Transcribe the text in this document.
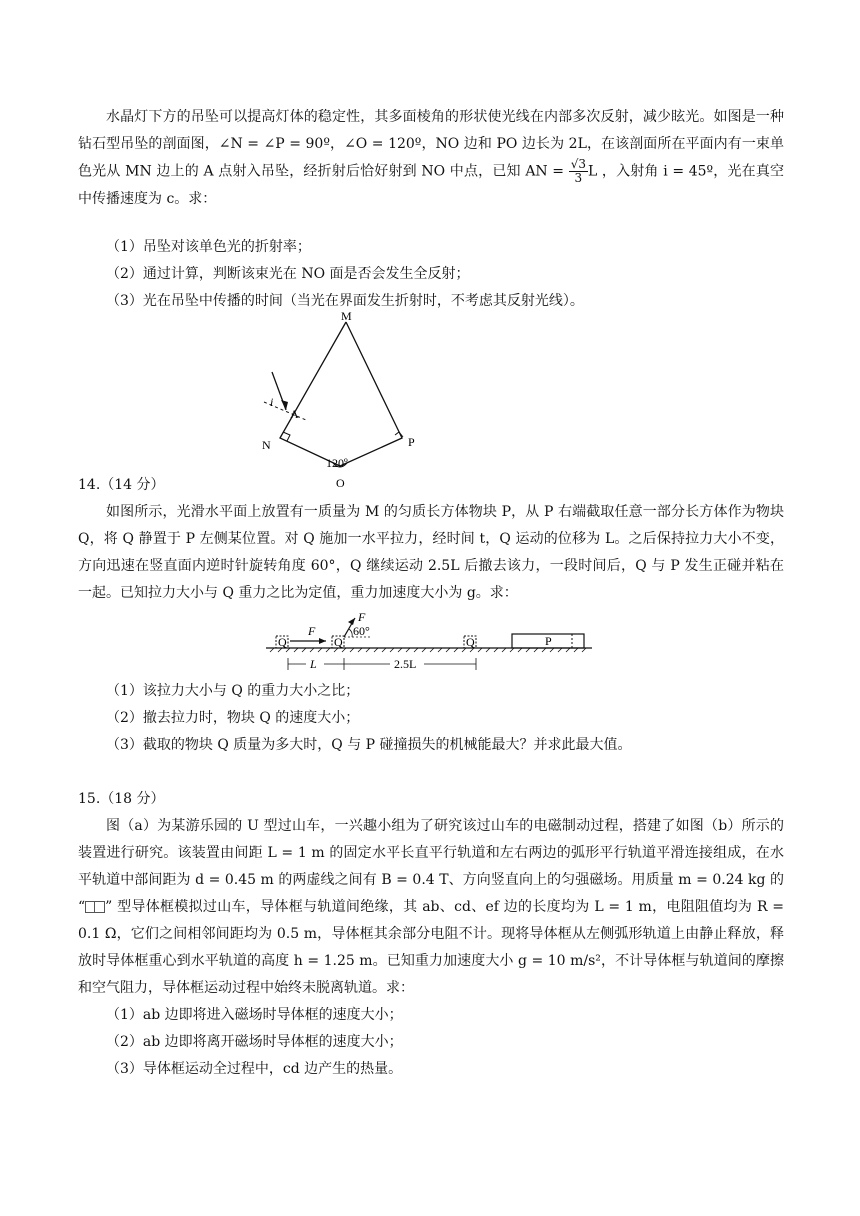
水晶灯下方的吊坠可以提高灯体的稳定性，其多面棱角的形状使光线在内部多次反射，减少眩光。如图是一种钻石型吊坠的剖面图，∠N = ∠P = 90º，∠O = 120º，NO 边和 PO 边长为 2L，在该剖面所在平面内有一束单色光从 MN 边上的 A 点射入吊坠，经折射后恰好射到 NO 中点，已知 AN = $\frac{√3}{3}$ L ，入射角 i = 45º，光在真空中传播速度为 c。求：

（1）吊坠对该单色光的折射率；

（2）通过计算，判断该束光在 NO 面是否会发生全反射；

（3）光在吊坠中传播的时间（当光在界面发生折射时，不考虑其反射光线）。

M
N	P
O
A
i
120º

14.（14 分）

如图所示，光滑水平面上放置有一质量为 M 的匀质长方体物块 P，从 P 右端截取任意一部分长方体作为物块 Q，将 Q 静置于 P 左侧某位置。对 Q 施加一水平拉力，经时间 t，Q 运动的位移为 L。之后保持拉力大小不变，方向迅速在竖直面内逆时针旋转角度 60°，Q 继续运动 2.5L 后撤去该力，一段时间后，Q 与 P 发生正碰并粘在一起。已知拉力大小与 Q 重力之比为定值，重力加速度大小为 g。求：

Q	Q	Q
F
F
60°
P
L	2.5L

（1）该拉力大小与 Q 的重力大小之比；

（2）撤去拉力时，物块 Q 的速度大小；

（3）截取的物块 Q 质量为多大时，Q 与 P 碰撞损失的机械能最大？并求此最大值。

15.（18 分）

图（a）为某游乐园的 U 型过山车，一兴趣小组为了研究该过山车的电磁制动过程，搭建了如图（b）所示的装置进行研究。该装置由间距 L = 1 m 的固定水平长直平行轨道和左右两边的弧形平行轨道平滑连接组成，在水平轨道中部间距为 d = 0.45 m 的两虚线之间有 B = 0.4 T、方向竖直向上的匀强磁场。用质量 m = 0.24 kg 的 “ ” 型导体框模拟过山车，导体框与轨道间绝缘，其 ab、cd、ef 边的长度均为 L = 1 m，电阻阻值均为 R = 0.1 Ω，它们之间相邻间距均为 0.5 m，导体框其余部分电阻不计。现将导体框从左侧弧形轨道上由静止释放，释放时导体框重心到水平轨道的高度 h = 1.25 m。已知重力加速度大小 g = 10 m/s²，不计导体框与轨道间的摩擦和空气阻力，导体框运动过程中始终未脱离轨道。求：

（1）ab 边即将进入磁场时导体框的速度大小；

（2）ab 边即将离开磁场时导体框的速度大小；

（3）导体框运动全过程中，cd 边产生的热量。
